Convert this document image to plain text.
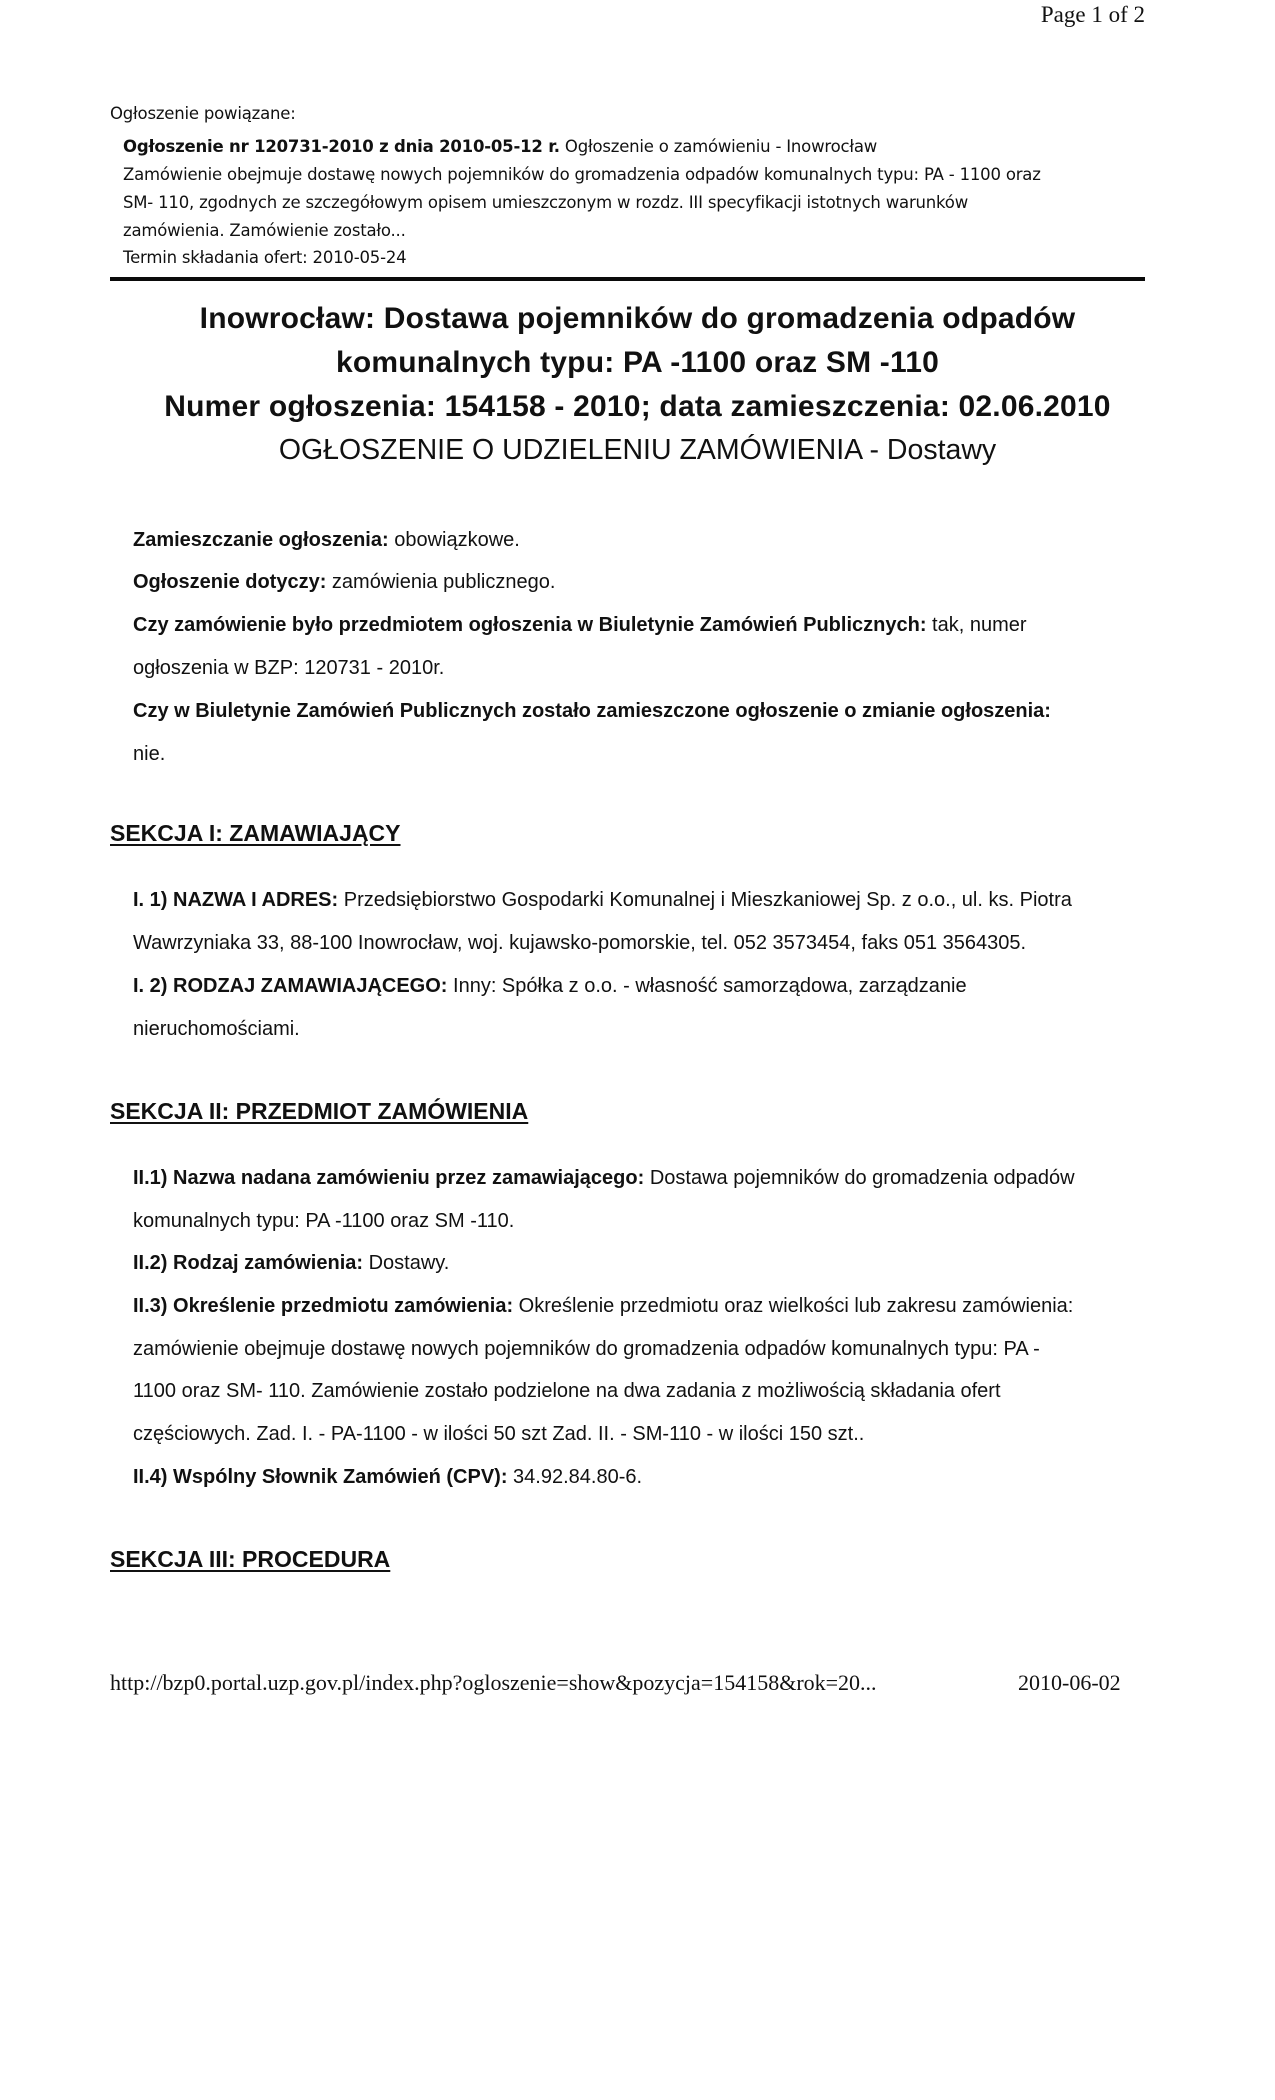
Page 1 of 2
Ogłoszenie powiązane:
Ogłoszenie nr 120731-2010 z dnia 2010-05-12 r. Ogłoszenie o zamówieniu - Inowrocław
Zamówienie obejmuje dostawę nowych pojemników do gromadzenia odpadów komunalnych typu: PA - 1100 oraz
SM- 110, zgodnych ze szczegółowym opisem umieszczonym w rozdz. III specyfikacji istotnych warunków
zamówienia. Zamówienie zostało...
Termin składania ofert: 2010-05-24
Inowrocław: Dostawa pojemników do gromadzenia odpadów
komunalnych typu: PA -1100 oraz SM -110
Numer ogłoszenia: 154158 - 2010; data zamieszczenia: 02.06.2010
OGŁOSZENIE O UDZIELENIU ZAMÓWIENIA - Dostawy
Zamieszczanie ogłoszenia: obowiązkowe.
Ogłoszenie dotyczy: zamówienia publicznego.
Czy zamówienie było przedmiotem ogłoszenia w Biuletynie Zamówień Publicznych: tak, numer
ogłoszenia w BZP: 120731 - 2010r.
Czy w Biuletynie Zamówień Publicznych zostało zamieszczone ogłoszenie o zmianie ogłoszenia:
nie.
SEKCJA I: ZAMAWIAJĄCY
I. 1) NAZWA I ADRES: Przedsiębiorstwo Gospodarki Komunalnej i Mieszkaniowej Sp. z o.o., ul. ks. Piotra
Wawrzyniaka 33, 88-100 Inowrocław, woj. kujawsko-pomorskie, tel. 052 3573454, faks 051 3564305.
I. 2) RODZAJ ZAMAWIAJĄCEGO: Inny: Spółka z o.o. - własność samorządowa, zarządzanie
nieruchomościami.
SEKCJA II: PRZEDMIOT ZAMÓWIENIA
II.1) Nazwa nadana zamówieniu przez zamawiającego: Dostawa pojemników do gromadzenia odpadów
komunalnych typu: PA -1100 oraz SM -110.
II.2) Rodzaj zamówienia: Dostawy.
II.3) Określenie przedmiotu zamówienia: Określenie przedmiotu oraz wielkości lub zakresu zamówienia:
zamówienie obejmuje dostawę nowych pojemników do gromadzenia odpadów komunalnych typu: PA -
1100 oraz SM- 110. Zamówienie zostało podzielone na dwa zadania z możliwością składania ofert
częściowych. Zad. I. - PA-1100 - w ilości 50 szt Zad. II. - SM-110 - w ilości 150 szt..
II.4) Wspólny Słownik Zamówień (CPV): 34.92.84.80-6.
SEKCJA III: PROCEDURA
http://bzp0.portal.uzp.gov.pl/index.php?ogloszenie=show&pozycja=154158&rok=20...	2010-06-02
